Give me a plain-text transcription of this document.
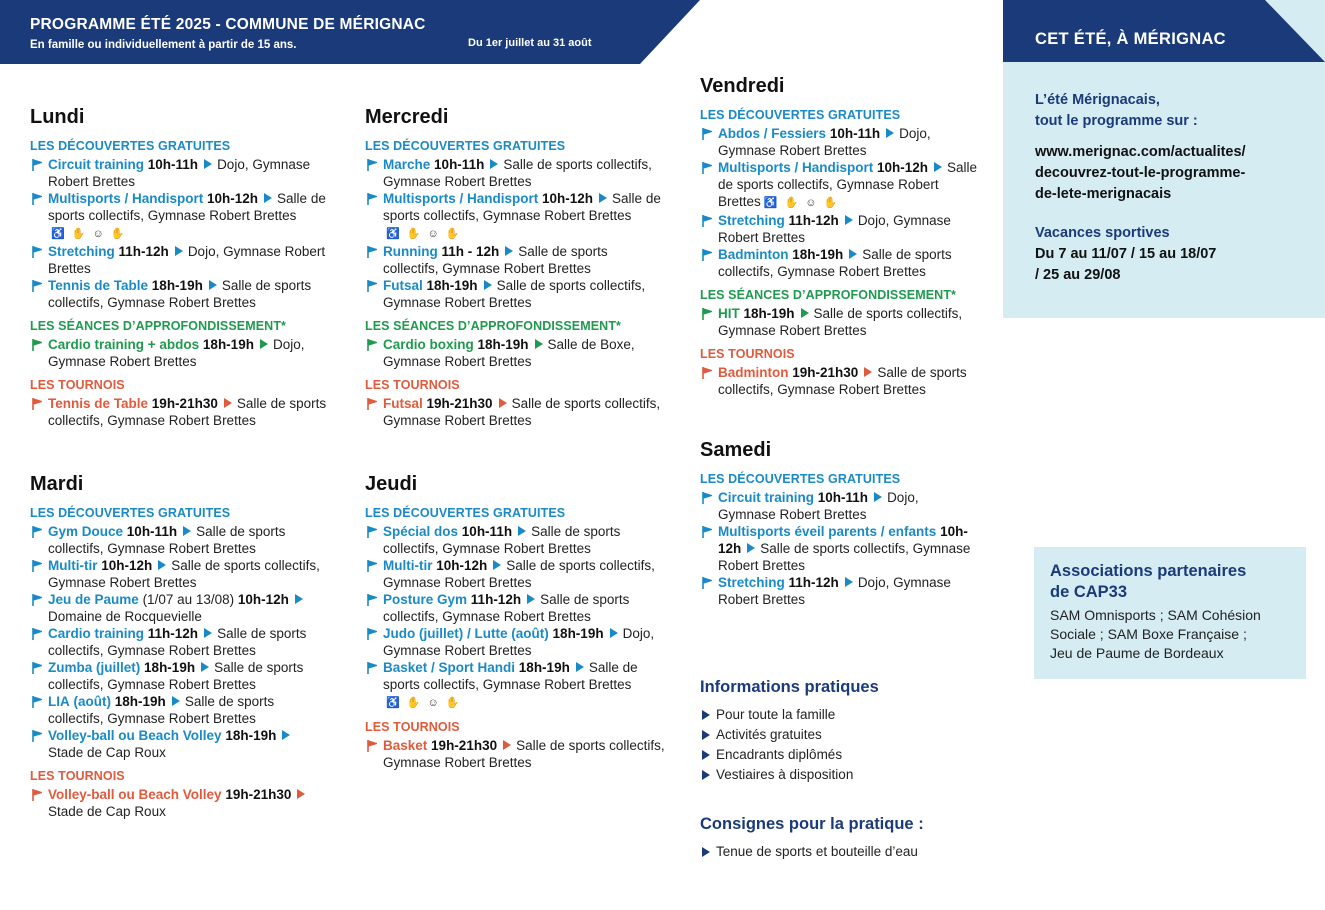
PROGRAMME ÉTÉ 2025 - COMMUNE DE MÉRIGNAC
En famille ou individuellement à partir de 15 ans.	Du 1er juillet au 31 août
Lundi
LES DÉCOUVERTES GRATUITES
Circuit training 10h-11h Dojo, Gymnase Robert Brettes
Multisports / Handisport 10h-12h Salle de sports collectifs, Gymnase Robert Brettes♿ ✋ ☺ ✋
Stretching 11h-12h Dojo, Gymnase Robert Brettes
Tennis de Table 18h-19h Salle de sports collectifs, Gymnase Robert Brettes
LES SÉANCES D’APPROFONDISSEMENT*
Cardio training + abdos 18h-19h Dojo, Gymnase Robert Brettes
LES TOURNOIS
Tennis de Table 19h-21h30 Salle de sports collectifs, Gymnase Robert Brettes
Mardi
LES DÉCOUVERTES GRATUITES
Gym Douce 10h-11h Salle de sports collectifs, Gymnase Robert Brettes
Multi-tir 10h-12h Salle de sports collectifs, Gymnase Robert Brettes
Jeu de Paume (1/07 au 13/08) 10h-12hDomaine de Rocquevielle
Cardio training 11h-12h Salle de sports collectifs, Gymnase Robert Brettes
Zumba (juillet) 18h-19h Salle de sports collectifs, Gymnase Robert Brettes
LIA (août) 18h-19h Salle de sports collectifs, Gymnase Robert Brettes
Volley-ball ou Beach Volley 18h-19hStade de Cap Roux
LES TOURNOIS
Volley-ball ou Beach Volley 19h-21h30Stade de Cap Roux
Mercredi
LES DÉCOUVERTES GRATUITES
Marche 10h-11h Salle de sports collectifs, Gymnase Robert Brettes
Multisports / Handisport 10h-12h Salle de sports collectifs, Gymnase Robert Brettes♿ ✋ ☺ ✋
Running 11h - 12h Salle de sports collectifs, Gymnase Robert Brettes
Futsal 18h-19h Salle de sports collectifs, Gymnase Robert Brettes
LES SÉANCES D’APPROFONDISSEMENT*
Cardio boxing 18h-19h Salle de Boxe, Gymnase Robert Brettes
LES TOURNOIS
Futsal 19h-21h30 Salle de sports collectifs, Gymnase Robert Brettes
Jeudi
LES DÉCOUVERTES GRATUITES
Spécial dos 10h-11h Salle de sports collectifs, Gymnase Robert Brettes
Multi-tir 10h-12h Salle de sports collectifs, Gymnase Robert Brettes
Posture Gym 11h-12h Salle de sports collectifs, Gymnase Robert Brettes
Judo (juillet) / Lutte (août) 18h-19h Dojo, Gymnase Robert Brettes
Basket / Sport Handi 18h-19h Salle de sports collectifs, Gymnase Robert Brettes♿ ✋ ☺ ✋
LES TOURNOIS
Basket 19h-21h30 Salle de sports collectifs, Gymnase Robert Brettes
Vendredi
LES DÉCOUVERTES GRATUITES
Abdos / Fessiers 10h-11h Dojo, Gymnase Robert Brettes
Multisports / Handisport 10h-12h Salle de sports collectifs, Gymnase Robert Brettes ♿ ✋ ☺ ✋
Stretching 11h-12h Dojo, Gymnase Robert Brettes
Badminton 18h-19h Salle de sports collectifs, Gymnase Robert Brettes
LES SÉANCES D’APPROFONDISSEMENT*
HIT 18h-19h Salle de sports collectifs, Gymnase Robert Brettes
LES TOURNOIS
Badminton 19h-21h30 Salle de sports collectifs, Gymnase Robert Brettes
Samedi
LES DÉCOUVERTES GRATUITES
Circuit training 10h-11h Dojo, Gymnase Robert Brettes
Multisports éveil parents / enfants 10h-12h Salle de sports collectifs, Gymnase Robert Brettes
Stretching 11h-12h Dojo, Gymnase Robert Brettes
Informations pratiques
Pour toute la famille
Activités gratuites
Encadrants diplômés
Vestiaires à disposition
Consignes pour la pratique :
Tenue de sports et bouteille d’eau
CET ÉTÉ, À MÉRIGNAC
L’été Mérignacais,
tout le programme sur :
www.merignac.com/actualites/
decouvrez-tout-le-programme-
de-lete-merignacais
Vacances sportives
Du 7 au 11/07 / 15 au 18/07
/ 25 au 29/08
Associations partenaires
de CAP33
SAM Omnisports ; SAM Cohésion
Sociale ; SAM Boxe Française ;
Jeu de Paume de Bordeaux
